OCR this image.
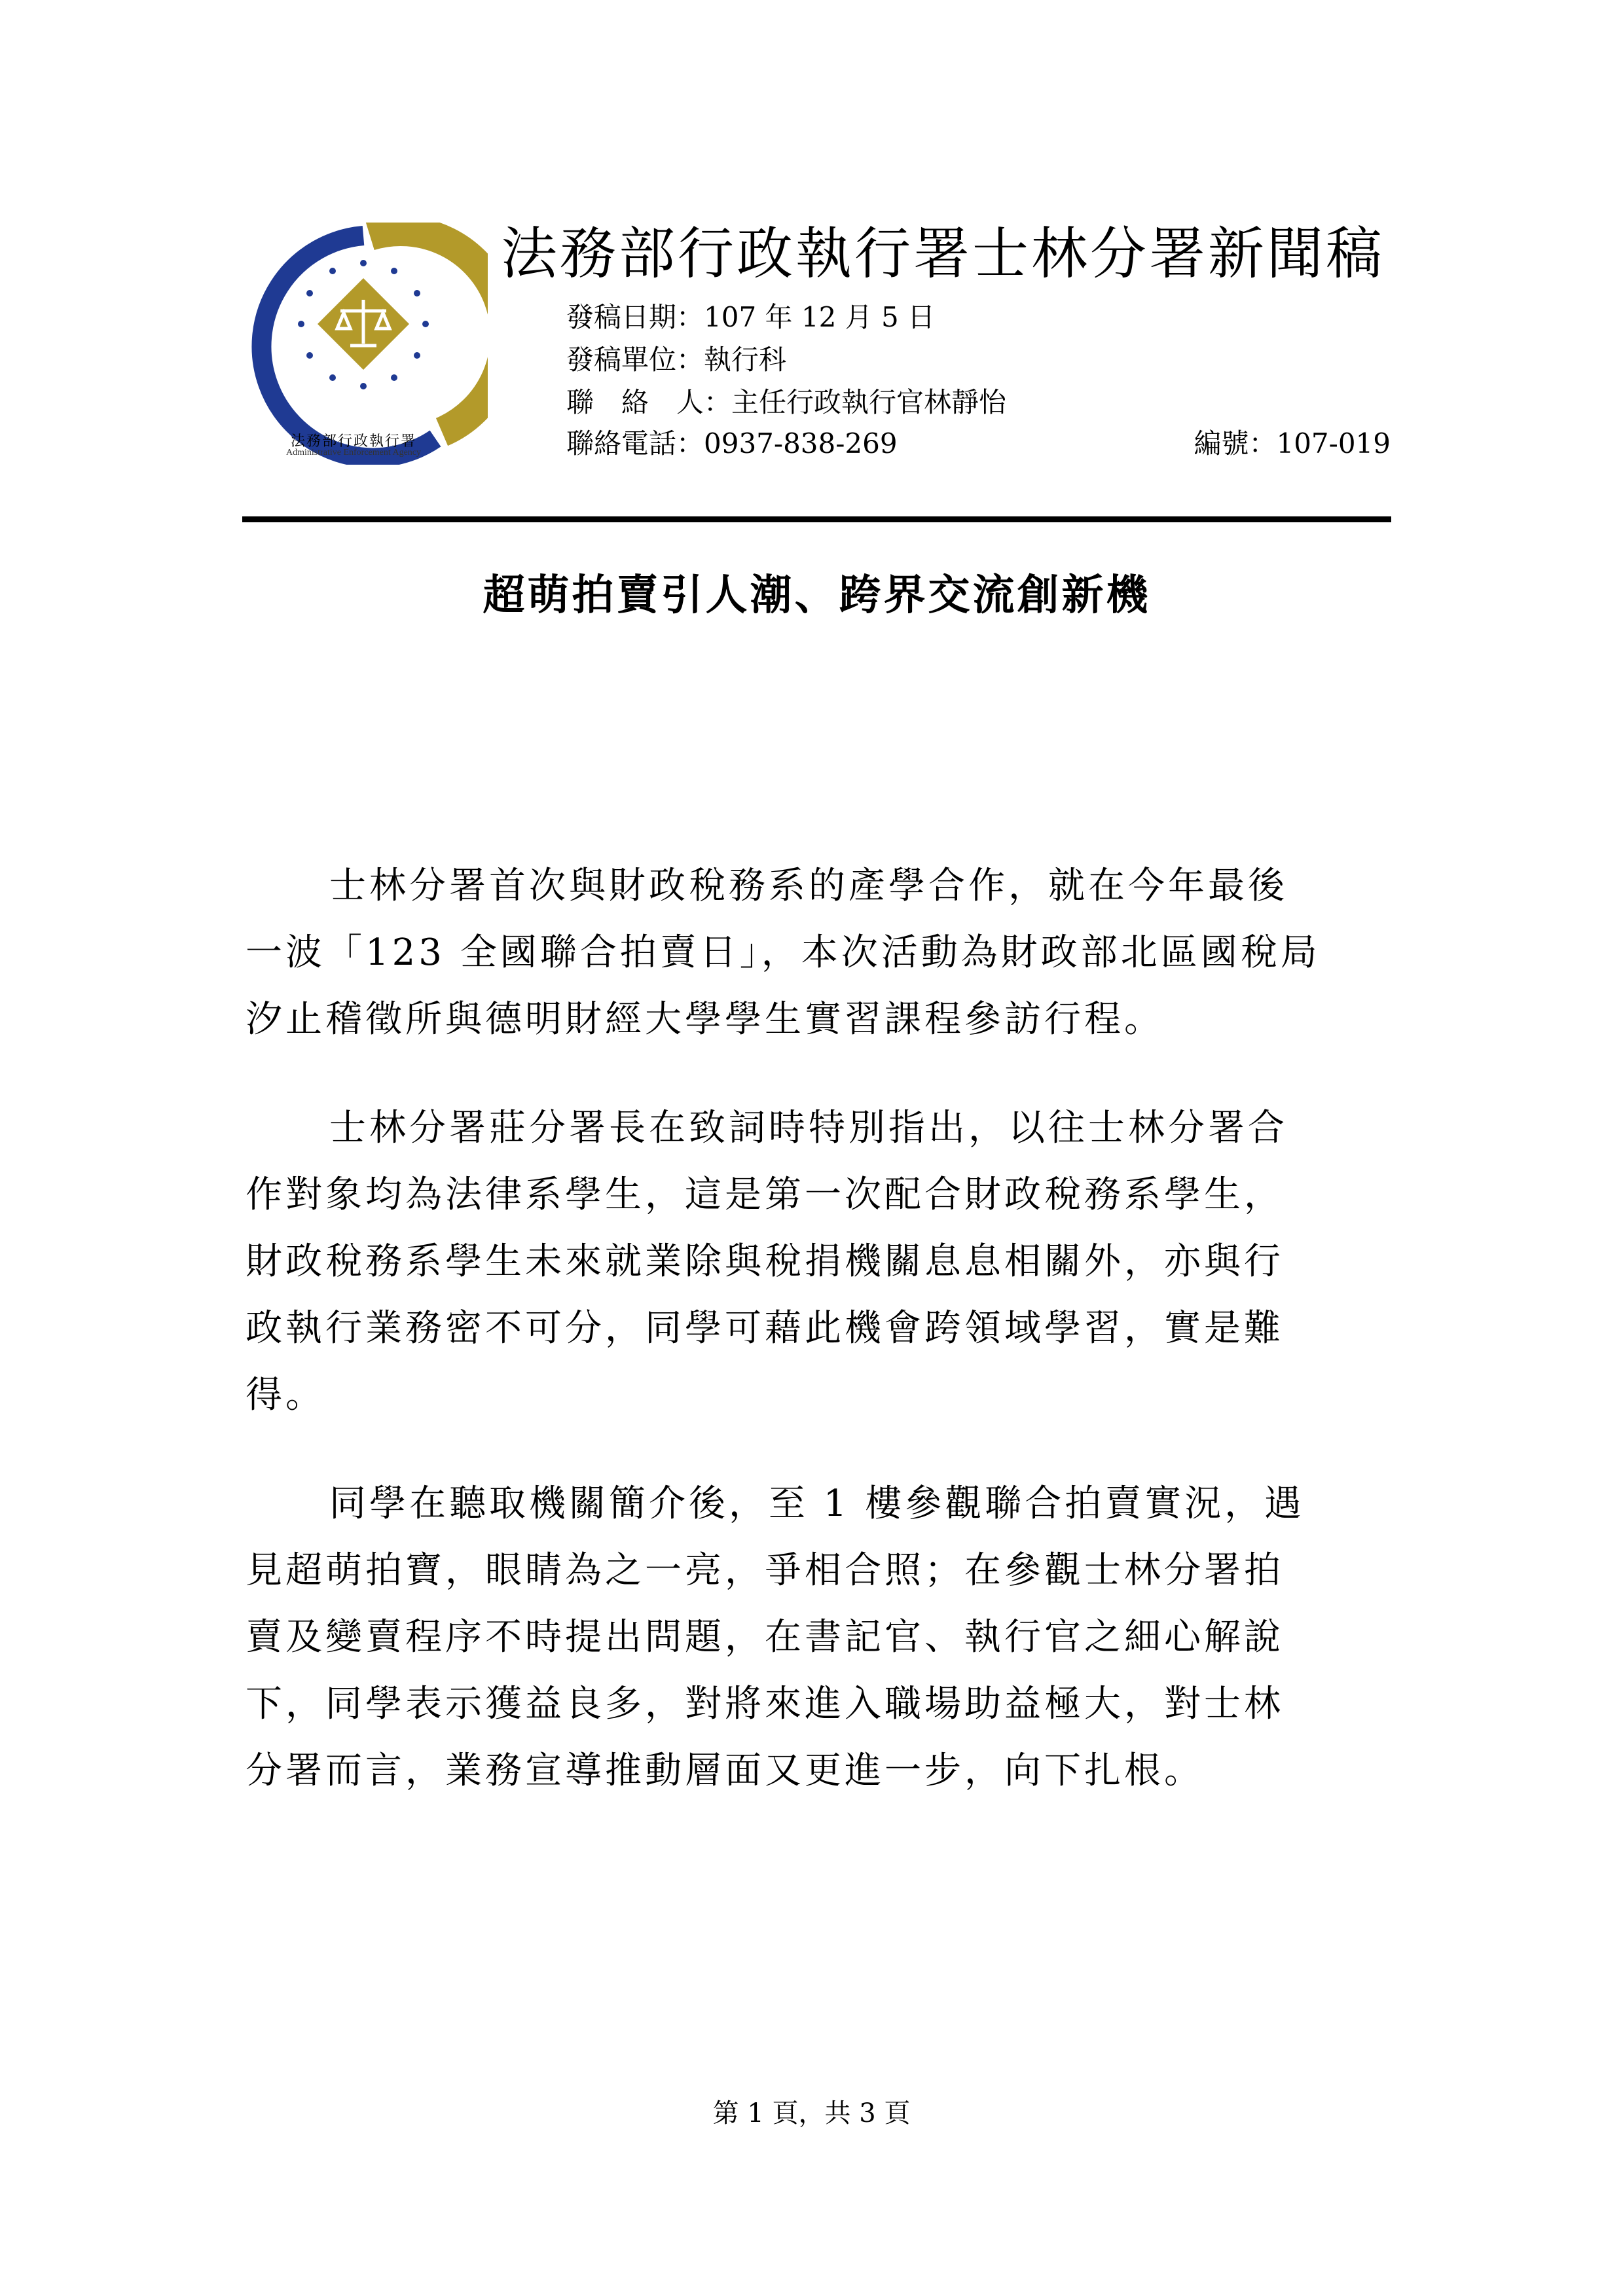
法務部行政執行署
Administrative Enforcement Agency
法務部行政執行署士林分署新聞稿
發稿日期：107 年 12 月 5 日
發稿單位：執行科
聯　絡　人：主任行政執行官林靜怡
聯絡電話：0937-838-269	編號：107-019
超萌拍賣引人潮、跨界交流創新機
士林分署首次與財政稅務系的產學合作，就在今年最後
一波「123 全國聯合拍賣日」，本次活動為財政部北區國稅局
汐止稽徵所與德明財經大學學生實習課程參訪行程。
士林分署莊分署長在致詞時特別指出，以往士林分署合
作對象均為法律系學生，這是第一次配合財政稅務系學生，
財政稅務系學生未來就業除與稅捐機關息息相關外，亦與行
政執行業務密不可分，同學可藉此機會跨領域學習，實是難
得。
同學在聽取機關簡介後，至 1 樓參觀聯合拍賣實況，遇
見超萌拍寶，眼睛為之一亮，爭相合照；在參觀士林分署拍
賣及變賣程序不時提出問題，在書記官、執行官之細心解說
下，同學表示獲益良多，對將來進入職場助益極大，對士林
分署而言，業務宣導推動層面又更進一步，向下扎根。
第 1 頁，共 3 頁
